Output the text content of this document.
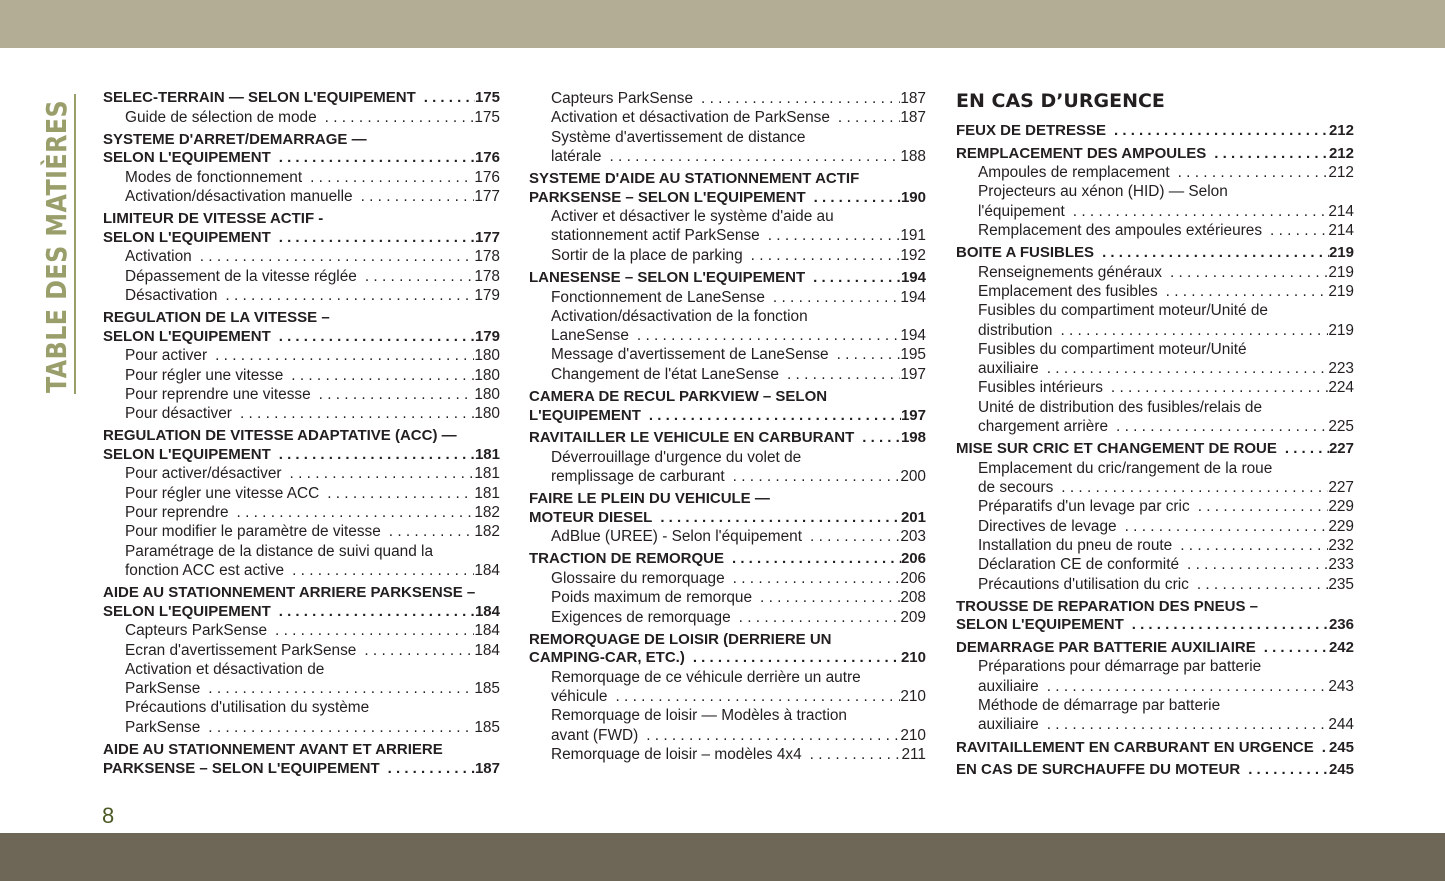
TABLE DES MATIÈRES
SELEC-TERRAIN — SELON L'EQUIPEMENT . . .	175
Guide de sélection de mode . . .	175
SYSTEME D'ARRET/DEMARRAGE —
SELON L'EQUIPEMENT . . .	176
Modes de fonctionnement . . .	176
Activation/désactivation manuelle . . .	177
LIMITEUR DE VITESSE ACTIF -
SELON L'EQUIPEMENT . . .	177
Activation . . .	178
Dépassement de la vitesse réglée . . .	178
Désactivation . . .	179
REGULATION DE LA VITESSE –
SELON L'EQUIPEMENT . . .	179
Pour activer . . .	180
Pour régler une vitesse . . .	180
Pour reprendre une vitesse . . .	180
Pour désactiver . . .	180
REGULATION DE VITESSE ADAPTATIVE (ACC) —
SELON L'EQUIPEMENT . . .	181
Pour activer/désactiver . . .	181
Pour régler une vitesse ACC . . .	181
Pour reprendre . . .	182
Pour modifier le paramètre de vitesse . . .	182
Paramétrage de la distance de suivi quand la
fonction ACC est active . . .	184
AIDE AU STATIONNEMENT ARRIERE PARKSENSE –
SELON L'EQUIPEMENT . . .	184
Capteurs ParkSense . . .	184
Ecran d'avertissement ParkSense . . .	184
Activation et désactivation de
ParkSense . . .	185
Précautions d'utilisation du système
ParkSense . . .	185
AIDE AU STATIONNEMENT AVANT ET ARRIERE
PARKSENSE – SELON L'EQUIPEMENT . . .	187
Capteurs ParkSense . . .	187
Activation et désactivation de ParkSense . . .	187
Système d'avertissement de distance
latérale . . .	188
SYSTEME D'AIDE AU STATIONNEMENT ACTIF
PARKSENSE – SELON L'EQUIPEMENT . . .	190
Activer et désactiver le système d'aide au
stationnement actif ParkSense . . .	191
Sortir de la place de parking . . .	192
LANESENSE – SELON L'EQUIPEMENT . . .	194
Fonctionnement de LaneSense . . .	194
Activation/désactivation de la fonction
LaneSense . . .	194
Message d'avertissement de LaneSense . . .	195
Changement de l'état LaneSense . . .	197
CAMERA DE RECUL PARKVIEW – SELON
L'EQUIPEMENT . . .	197
RAVITAILLER LE VEHICULE EN CARBURANT . . .	198
Déverrouillage d'urgence du volet de
remplissage de carburant . . .	200
FAIRE LE PLEIN DU VEHICULE —
MOTEUR DIESEL . . .	201
AdBlue (UREE) - Selon l'équipement . . .	203
TRACTION DE REMORQUE . . .	206
Glossaire du remorquage . . .	206
Poids maximum de remorque . . .	208
Exigences de remorquage . . .	209
REMORQUAGE DE LOISIR (DERRIERE UN
CAMPING-CAR, ETC.) . . .	210
Remorquage de ce véhicule derrière un autre
véhicule . . .	210
Remorquage de loisir — Modèles à traction
avant (FWD) . . .	210
Remorquage de loisir – modèles 4x4 . . .	211
EN CAS D’URGENCE
FEUX DE DETRESSE . . .	212
REMPLACEMENT DES AMPOULES . . .	212
Ampoules de remplacement . . .	212
Projecteurs au xénon (HID) — Selon
l'équipement . . .	214
Remplacement des ampoules extérieures . . .	214
BOITE A FUSIBLES . . .	219
Renseignements généraux . . .	219
Emplacement des fusibles . . .	219
Fusibles du compartiment moteur/Unité de
distribution . . .	219
Fusibles du compartiment moteur/Unité
auxiliaire . . .	223
Fusibles intérieurs . . .	224
Unité de distribution des fusibles/relais de
chargement arrière . . .	225
MISE SUR CRIC ET CHANGEMENT DE ROUE . . .	227
Emplacement du cric/rangement de la roue
de secours . . .	227
Préparatifs d'un levage par cric . . .	229
Directives de levage . . .	229
Installation du pneu de route . . .	232
Déclaration CE de conformité . . .	233
Précautions d'utilisation du cric . . .	235
TROUSSE DE REPARATION DES PNEUS –
SELON L'EQUIPEMENT . . .	236
DEMARRAGE PAR BATTERIE AUXILIAIRE . . .	242
Préparations pour démarrage par batterie
auxiliaire . . .	243
Méthode de démarrage par batterie
auxiliaire . . .	244
RAVITAILLEMENT EN CARBURANT EN URGENCE . . . 245
EN CAS DE SURCHAUFFE DU MOTEUR . . .	245
8
